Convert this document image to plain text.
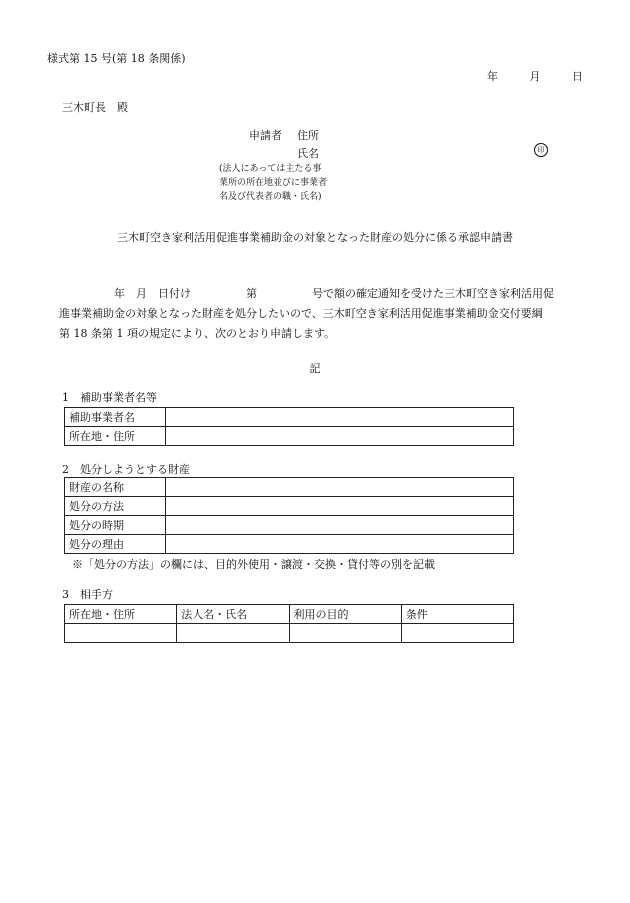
様式第 15 号(第 18 条関係)
年	月	日
三木町長　殿
申請者 住所
氏名	印
(法人にあっては主たる事
業所の所在地並びに事業者
名及び代表者の職・氏名)
三木町空き家利活用促進事業補助金の対象となった財産の処分に係る承認申請書
　　　　　年　月　日付け　　　　　第　　　　　号で額の確定通知を受けた三木町空き家利活用促
進事業補助金の対象となった財産を処分したいので、三木町空き家利活用促進事業補助金交付要綱
第 18 条第 1 項の規定により、次のとおり申請します。
記
1　補助事業者名等
補助事業者名	
所在地・住所	
2　処分しようとする財産
財産の名称	
処分の方法	
処分の時期	
処分の理由	
※「処分の方法」の欄には、目的外使用・譲渡・交換・貸付等の別を記載
3　相手方
所在地・住所	法人名・氏名	利用の目的	条件
